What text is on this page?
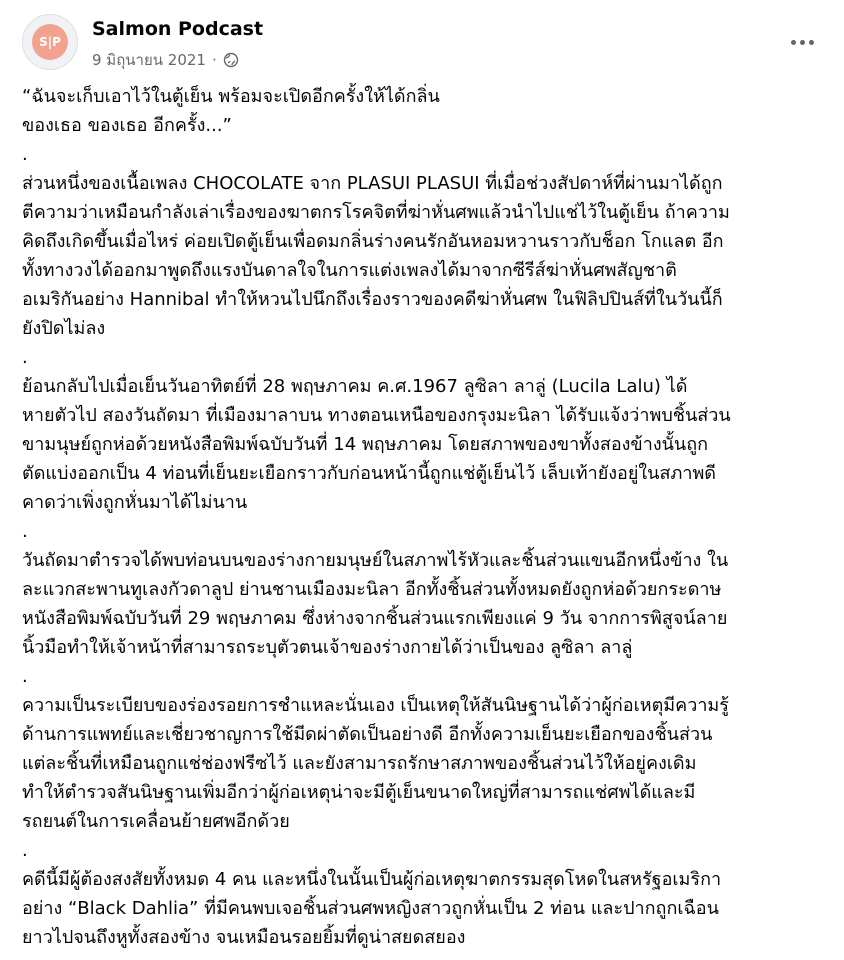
S|P
Salmon Podcast
9 มิถุนายน 2021 ·
“ฉันจะเก็บเอาไว้ในตู้เย็น พร้อมจะเปิดอีกครั้งให้ได้กลิ่น
ของเธอ ของเธอ อีกครั้ง...”
.
ส่วนหนึ่งของเนื้อเพลง CHOCOLATE จาก PLASUI PLASUI ที่เมื่อช่วงสัปดาห์ที่ผ่านมาได้ถูก
ตีความว่าเหมือนกำลังเล่าเรื่องของฆาตกรโรคจิตที่ฆ่าหั่นศพแล้วนำไปแช่ไว้ในตู้เย็น ถ้าความ
คิดถึงเกิดขึ้นเมื่อไหร่ ค่อยเปิดตู้เย็นเพื่อดมกลิ่นร่างคนรักอันหอมหวานราวกับช็อก โกแลต อีก
ทั้งทางวงได้ออกมาพูดถึงแรงบันดาลใจในการแต่งเพลงได้มาจากซีรีส์ฆ่าหั่นศพสัญชาติ
อเมริกันอย่าง Hannibal ทำให้หวนไปนึกถึงเรื่องราวของคดีฆ่าหั่นศพ ในฟิลิปปินส์ที่ในวันนี้ก็
ยังปิดไม่ลง
.
ย้อนกลับไปเมื่อเย็นวันอาทิตย์ที่ 28 พฤษภาคม ค.ศ.1967 ลูซิลา ลาลู่ (Lucila Lalu) ได้
หายตัวไป สองวันถัดมา ที่เมืองมาลาบน ทางตอนเหนือของกรุงมะนิลา ได้รับแจ้งว่าพบชิ้นส่วน
ขามนุษย์ถูกห่อด้วยหนังสือพิมพ์ฉบับวันที่ 14 พฤษภาคม โดยสภาพของขาทั้งสองข้างนั้นถูก
ตัดแบ่งออกเป็น 4 ท่อนที่เย็นยะเยือกราวกับก่อนหน้านี้ถูกแช่ตู้เย็นไว้ เล็บเท้ายังอยู่ในสภาพดี
คาดว่าเพิ่งถูกหั่นมาได้ไม่นาน
.
วันถัดมาตำรวจได้พบท่อนบนของร่างกายมนุษย์ในสภาพไร้หัวและชิ้นส่วนแขนอีกหนึ่งข้าง ใน
ละแวกสะพานทูเลงกัวดาลูป ย่านชานเมืองมะนิลา อีกทั้งชิ้นส่วนทั้งหมดยังถูกห่อด้วยกระดาษ
หนังสือพิมพ์ฉบับวันที่ 29 พฤษภาคม ซึ่งห่างจากชิ้นส่วนแรกเพียงแค่ 9 วัน จากการพิสูจน์ลาย
นิ้วมือทำให้เจ้าหน้าที่สามารถระบุตัวตนเจ้าของร่างกายได้ว่าเป็นของ ลูซิลา ลาลู่
.
ความเป็นระเบียบของร่องรอยการชำแหละนั่นเอง เป็นเหตุให้สันนิษฐานได้ว่าผู้ก่อเหตุมีความรู้
ด้านการแพทย์และเชี่ยวชาญการใช้มีดผ่าตัดเป็นอย่างดี อีกทั้งความเย็นยะเยือกของชิ้นส่วน
แต่ละชิ้นที่เหมือนถูกแช่ช่องฟรีซไว้ และยังสามารถรักษาสภาพของชิ้นส่วนไว้ให้อยู่คงเดิม
ทำให้ตำรวจสันนิษฐานเพิ่มอีกว่าผู้ก่อเหตุน่าจะมีตู้เย็นขนาดใหญ่ที่สามารถแช่ศพได้และมี
รถยนต์ในการเคลื่อนย้ายศพอีกด้วย
.
คดีนี้มีผู้ต้องสงสัยทั้งหมด 4 คน และหนึ่งในนั้นเป็นผู้ก่อเหตุฆาตกรรมสุดโหดในสหรัฐอเมริกา
อย่าง “Black Dahlia” ที่มีคนพบเจอชิ้นส่วนศพหญิงสาวถูกหั่นเป็น 2 ท่อน และปากถูกเฉือน
ยาวไปจนถึงหูทั้งสองข้าง จนเหมือนรอยยิ้มที่ดูน่าสยดสยอง
